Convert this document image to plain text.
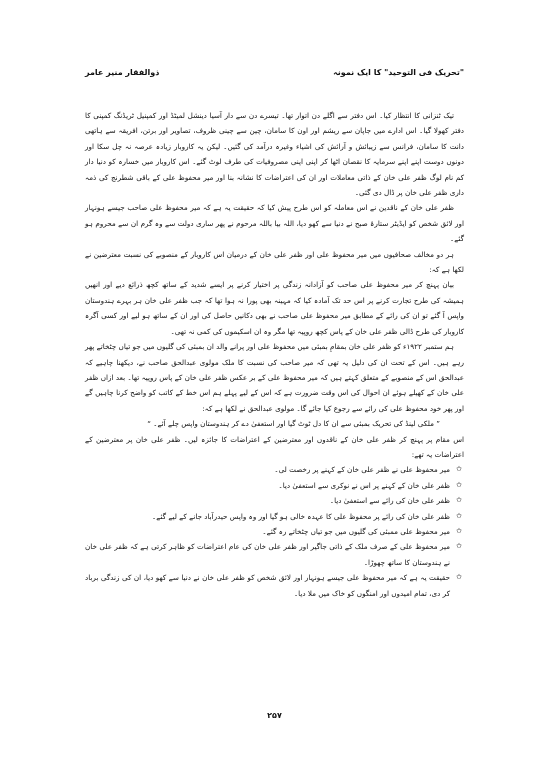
"تحریک فی التوحید" کا ایک نمونہ
ذوالفقار منیر عامر

تیک ٹنزانی کا انتظار کیا۔ اس دفتر سے اگلے دن اتوار تھا۔ تیسرے دن سے دار آسیا دینشل لمیٹڈ اور کمپنیل ٹریڈنگ کمپنی کا دفتر کھولا گیا۔ اس ادارے میں جاپان سے ریشم اور اون کا سامان، چین سے چینی ظروف، تصاویر اور برتن، افریقہ سے ہاتھی دانت کا سامان، فرانس سے زیبائش و آرائش کی اشیاء وغیرہ درآمد کی گئیں۔ لیکن یہ کاروبار زیادہ عرصہ نہ چل سکا اور دونوں دوست اپنے اپنے سرمایہ کا نقصان اٹھا کر اپنی اپنی مصروفیات کی طرف لوٹ گئے۔ اس کاروبار میں خسارہ کو دنیا دار کم نام لوگ ظفر علی خان کے ذاتی معاملات اور ان کی اعتراضات کا نشانہ بنا اور میر محفوظ علی کے باقی شطرنج کی ذمہ داری ظفر علی خان پر ڈال دی گئی۔

ظفر علی خان کے ناقدین نے اس معاملہ کو اس طرح پیش کیا کہ حقیقت یہ ہے کہ میر محفوظ علی صاحب جیسے ہونہار اور لائق شخص کو ایڈیٹر ستارۂ صبح نے دنیا سے کھو دیا، اللہ بیا باللہ مرحوم نے پھر ساری دولت سے وہ گرم ان سے محروم ہو گئے۔

ہر دو مخالف صحافیوں میں میر محفوظ علی اور ظفر علی خان کے درمیان اس کاروبار کے منصوبے کی نسبت معترضین نے لکھا ہے کہ:

بیان پہنچ کر میر محفوظ علی صاحب کو آزادانہ زندگی پر اختیار کرنے پر ایسے شدید کے ساتھ کچھ ذرائع دیے اور انھیں ہمیشہ کی طرح تجارت کرنے پر اس حد تک آمادہ کیا کہ مہینہ بھی پورا نہ ہوا تھا کہ جب ظفر علی خان ہر بہرے ہندوستان واپس آ گئے تو ان کی رائے کے مطابق میر محفوظ علی صاحب نے بھی دکانیں حاصل کی اور ان کے ساتھ ہو لیے اور کسی آگرہ کاروبار کی طرح ڈالی ظفر علی خان کے پاس کچھ روپیہ تھا مگر وہ ان اسکیموں کی کمی نہ تھی۔

ہم ستمبر ۱۹۲۲ء کو ظفر علی خان بمقامِ بمبئی میں محفوظ علی اور پرانے والد ان بمبئی کی گلیوں میں جو تیاں چٹخاتے پھر رہے ہیں۔ اس کے تحت ان کی دلیل یہ تھی کہ میر صاحب کی نسبت کا ملک مولوی عبدالحق صاحب نے، دیکھنا چاہیے کہ عبدالحق اس کے منصوبے کے متعلق کہتے ہیں کہ میر محفوظ علی کے بر عکس ظفر علی خان کے پاس روپیہ تھا۔ بعد ازاں ظفر علی خان کے کھیلے ہوئے ان احوال کی اس وقت ضرورت ہے کہ اس کے لیے پہلے ہم اس خط کے کاتب کو واضح کرنا چاہیں گے اور پھر خود محفوظ علی کی رائے سے رجوع کیا جائے گا۔ مولوی عبدالحق نے لکھا ہے کہ:

” ملکی لینڈ کی تحریک بمبئی سے ان کا دل ٹوٹ گیا اور استعفیٰ دے کر ہندوستان واپس چلے آئے۔ “

اس مقام پر پہنچ کر ظفر علی خان کے ناقدوں اور معترضین کے اعتراضات کا جائزہ لیں۔ ظفر علی خان پر معترضین کے اعتراضات یہ تھے:

✩
میر محفوظ علی نے ظفر علی خان کے کہنے پر رخصت لی۔
✩
ظفر علی خان کے کہنے پر اس نے نوکری سے استعفیٰ دیا۔
✩
ظفر علی خان کی رائے سے استعفیٰ دیا۔
✩
ظفر علی خان کی رائے پر محفوظ علی کا عہدہ خالی ہو گیا اور وہ واپس حیدرآباد جانے کے لیے گئے۔
✩
میر محفوظ علی ممبئی کی گلیوں میں جو تیاں چٹخاتے رہ گئے۔
✩
میر محفوظ علی کے صرف ملک کے ذاتی جاگیر اور ظفر علی خان کی عام اعتراضات کو ظاہر کرتی ہے کہ ظفر علی خان نے ہندوستان کا ساتھ چھوڑا۔
✩
حقیقت یہ ہے کہ میر محفوظ علی جیسے ہونہار اور لائق شخص کو ظفر علی خان نے دنیا سے کھو دیا، ان کی زندگی برباد کر دی، تمام امیدوں اور امنگوں کو خاک میں ملا دیا۔
۲۵۷
